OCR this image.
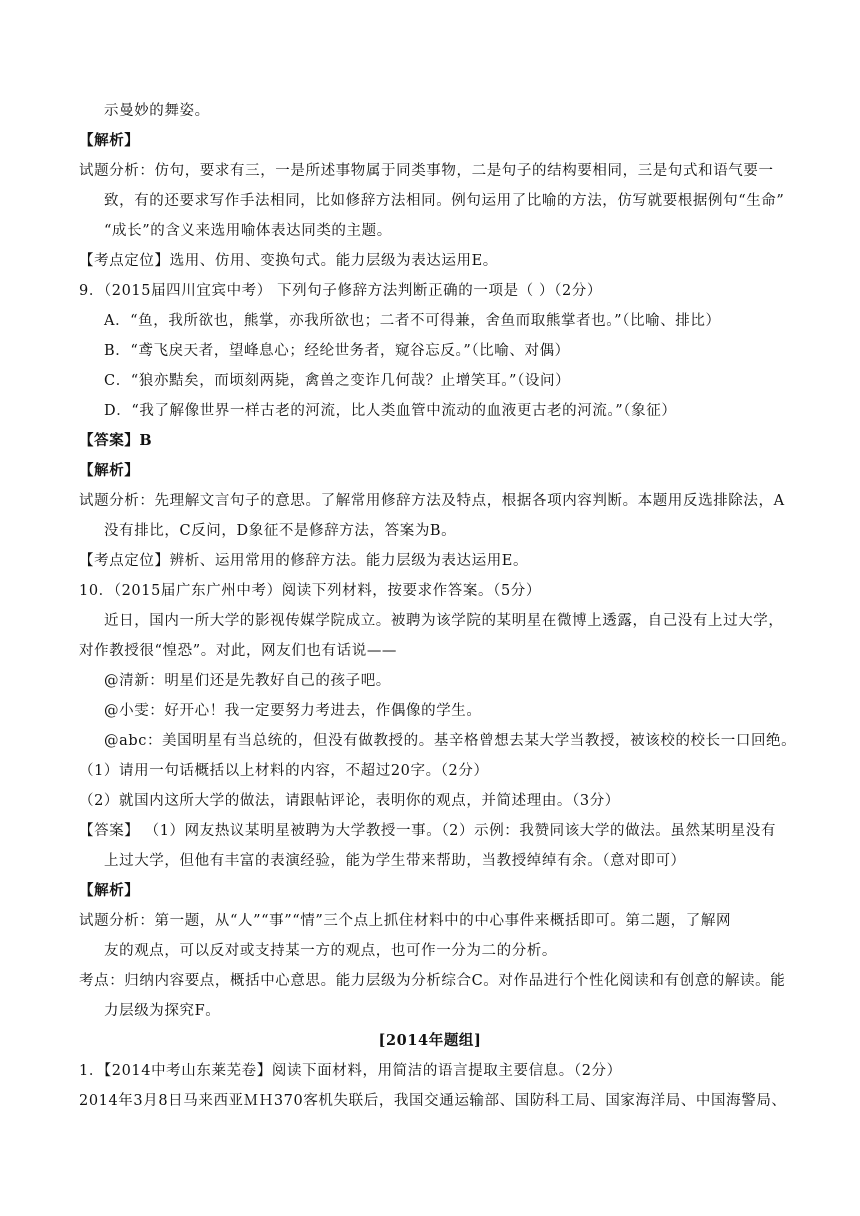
示曼妙的舞姿。
【解析】
试题分析：仿句，要求有三，一是所述事物属于同类事物，二是句子的结构要相同，三是句式和语气要一
致，有的还要求写作手法相同，比如修辞方法相同。例句运用了比喻的方法，仿写就要根据例句“生命”
“成长”的含义来选用喻体表达同类的主题。
【考点定位】选用、仿用、变换句式。能力层级为表达运用E。
9．（2015届四川宜宾中考） 下列句子修辞方法判断正确的一项是（ ）（2分）
A．“鱼，我所欲也，熊掌，亦我所欲也；二者不可得兼，舍鱼而取熊掌者也。”（比喻、排比）
B．“鸢飞戾天者，望峰息心；经纶世务者，窥谷忘反。”（比喻、对偶）
C．“狼亦黠矣，而顷刻两毙，禽兽之变诈几何哉？止增笑耳。”（设问）
D．“我了解像世界一样古老的河流，比人类血管中流动的血液更古老的河流。”（象征）
【答案】B
【解析】
试题分析：先理解文言句子的意思。了解常用修辞方法及特点，根据各项内容判断。本题用反选排除法，A
没有排比，C反问，D象征不是修辞方法，答案为B。
【考点定位】辨析、运用常用的修辞方法。能力层级为表达运用E。
10．（2015届广东广州中考）阅读下列材料，按要求作答案。（5分）
近日，国内一所大学的影视传媒学院成立。被聘为该学院的某明星在微博上透露，自己没有上过大学，
对作教授很“惶恐”。对此，网友们也有话说——
@清新：明星们还是先教好自己的孩子吧。
@小雯：好开心！我一定要努力考进去，作偶像的学生。
@abc：美国明星有当总统的，但没有做教授的。基辛格曾想去某大学当教授，被该校的校长一口回绝。
（1）请用一句话概括以上材料的内容，不超过20字。（2分）
（2）就国内这所大学的做法，请跟帖评论，表明你的观点，并简述理由。（3分）
【答案】 （1）网友热议某明星被聘为大学教授一事。（2）示例：我赞同该大学的做法。虽然某明星没有
上过大学，但他有丰富的表演经验，能为学生带来帮助，当教授绰绰有余。（意对即可）
【解析】
试题分析：第一题，从“人”“事”“情”三个点上抓住材料中的中心事件来概括即可。第二题，了解网
友的观点，可以反对或支持某一方的观点，也可作一分为二的分析。
考点：归纳内容要点，概括中心意思。能力层级为分析综合C。对作品进行个性化阅读和有创意的解读。能
力层级为探究F。
[2014年题组]
1．【2014中考山东莱芜卷】阅读下面材料，用简洁的语言提取主要信息。（2分）
2014年3月8日马来西亚ＭＨ370客机失联后，我国交通运输部、国防科工局、国家海洋局、中国海警局、
